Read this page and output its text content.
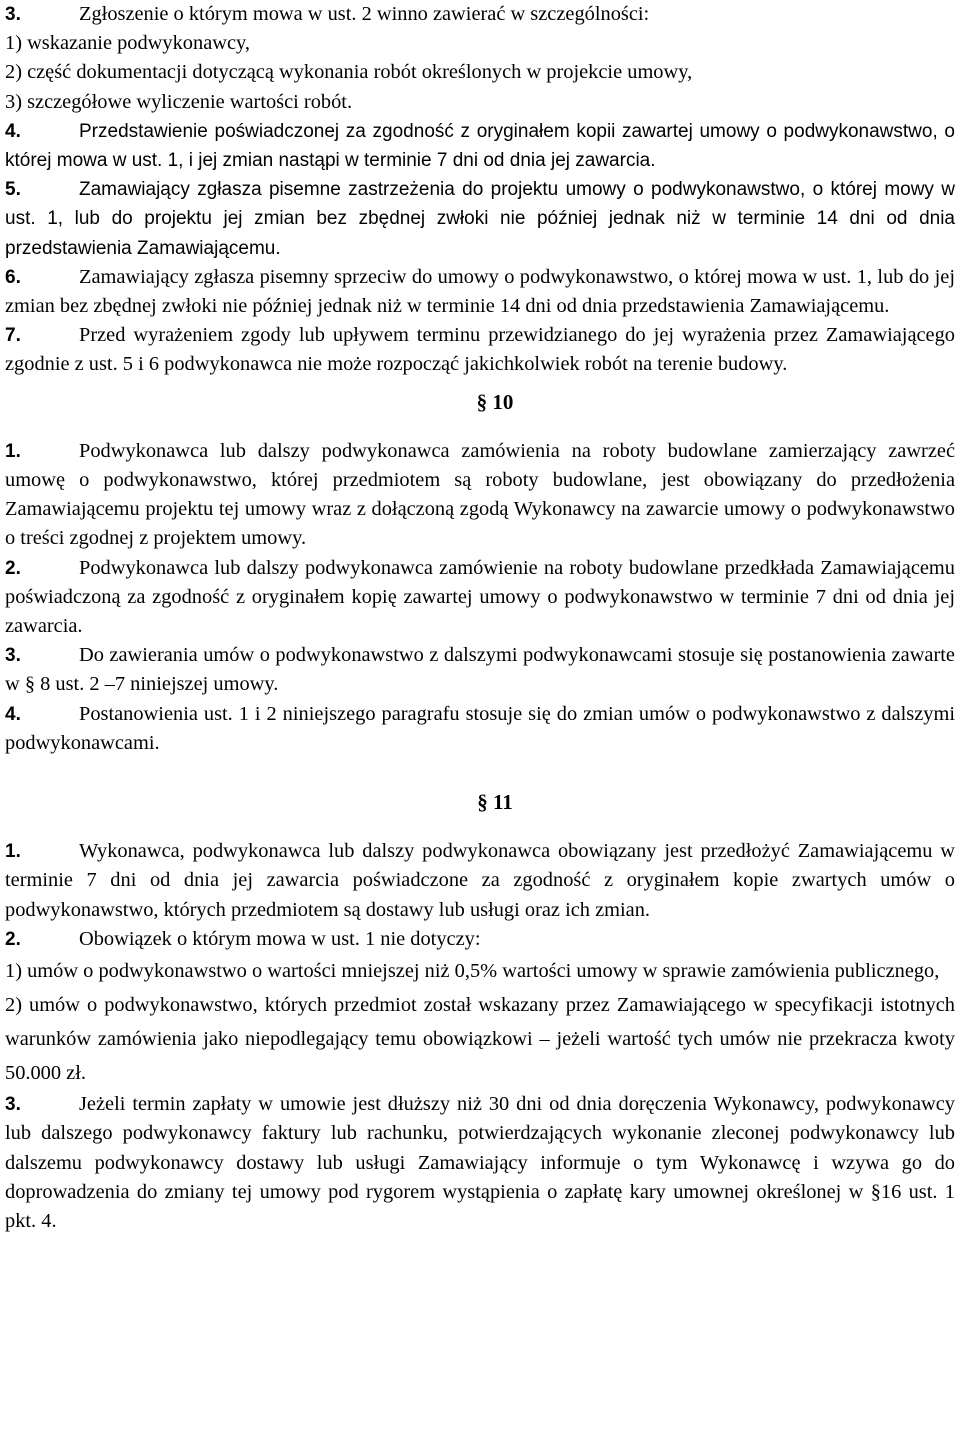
3.	Zgłoszenie o którym mowa w ust. 2 winno zawierać w szczególności:

1) wskazanie podwykonawcy,

2) część dokumentacji dotyczącą wykonania robót określonych w projekcie umowy,

3) szczegółowe wyliczenie wartości robót.

4.	Przedstawienie poświadczonej za zgodność z oryginałem kopii zawartej umowy o podwykonawstwo, o której mowa w ust. 1, i jej zmian nastąpi w terminie 7 dni od dnia jej zawarcia.

5.	Zamawiający zgłasza pisemne zastrzeżenia do projektu umowy o podwykonawstwo, o której mowy w ust. 1, lub do projektu jej zmian bez zbędnej zwłoki nie później jednak niż w terminie 14 dni od dnia przedstawienia Zamawiającemu.

6.	Zamawiający zgłasza pisemny sprzeciw do umowy o podwykonawstwo, o której mowa w ust. 1, lub do jej zmian bez zbędnej zwłoki nie później jednak niż w terminie 14 dni od dnia przedstawienia Zamawiającemu.

7.	Przed wyrażeniem zgody lub upływem terminu przewidzianego do jej wyrażenia przez Zamawiającego zgodnie z ust. 5 i 6 podwykonawca nie może rozpocząć jakichkolwiek robót na terenie budowy.

§ 10

1.	Podwykonawca lub dalszy podwykonawca zamówienia na roboty budowlane zamierzający zawrzeć umowę o podwykonawstwo, której przedmiotem są roboty budowlane, jest obowiązany do przedłożenia Zamawiającemu projektu tej umowy wraz z dołączoną zgodą Wykonawcy na zawarcie umowy o podwykonawstwo o treści zgodnej z projektem umowy.

2.	Podwykonawca lub dalszy podwykonawca zamówienie na roboty budowlane przedkłada Zamawiającemu poświadczoną za zgodność z oryginałem kopię zawartej umowy o podwykonawstwo w terminie 7 dni od dnia jej zawarcia.

3.	Do zawierania umów o podwykonawstwo z dalszymi podwykonawcami stosuje się postanowienia zawarte w § 8 ust. 2 –7 niniejszej umowy.

4.	Postanowienia ust. 1 i 2 niniejszego paragrafu stosuje się do zmian umów o podwykonawstwo z dalszymi podwykonawcami.

§ 11

1.	Wykonawca, podwykonawca lub dalszy podwykonawca obowiązany jest przedłożyć Zamawiającemu w terminie 7 dni od dnia jej zawarcia poświadczone za zgodność z oryginałem kopie zwartych umów o podwykonawstwo, których przedmiotem są dostawy lub usługi oraz ich zmian.

2.	Obowiązek o którym mowa w ust. 1 nie dotyczy:

1) umów o podwykonawstwo o wartości mniejszej niż 0,5% wartości umowy w sprawie zamówienia publicznego,

2) umów o podwykonawstwo, których przedmiot został wskazany przez Zamawiającego w specyfikacji istotnych warunków zamówienia jako niepodlegający temu obowiązkowi – jeżeli wartość tych umów nie przekracza kwoty 50.000 zł.

3.	Jeżeli termin zapłaty w umowie jest dłuższy niż 30 dni od dnia doręczenia Wykonawcy, podwykonawcy lub dalszego podwykonawcy faktury lub rachunku, potwierdzających wykonanie zleconej podwykonawcy lub dalszemu podwykonawcy dostawy lub usługi Zamawiający informuje o tym Wykonawcę i wzywa go do doprowadzenia do zmiany tej umowy pod rygorem wystąpienia o zapłatę kary umownej określonej w §16 ust. 1 pkt. 4.
